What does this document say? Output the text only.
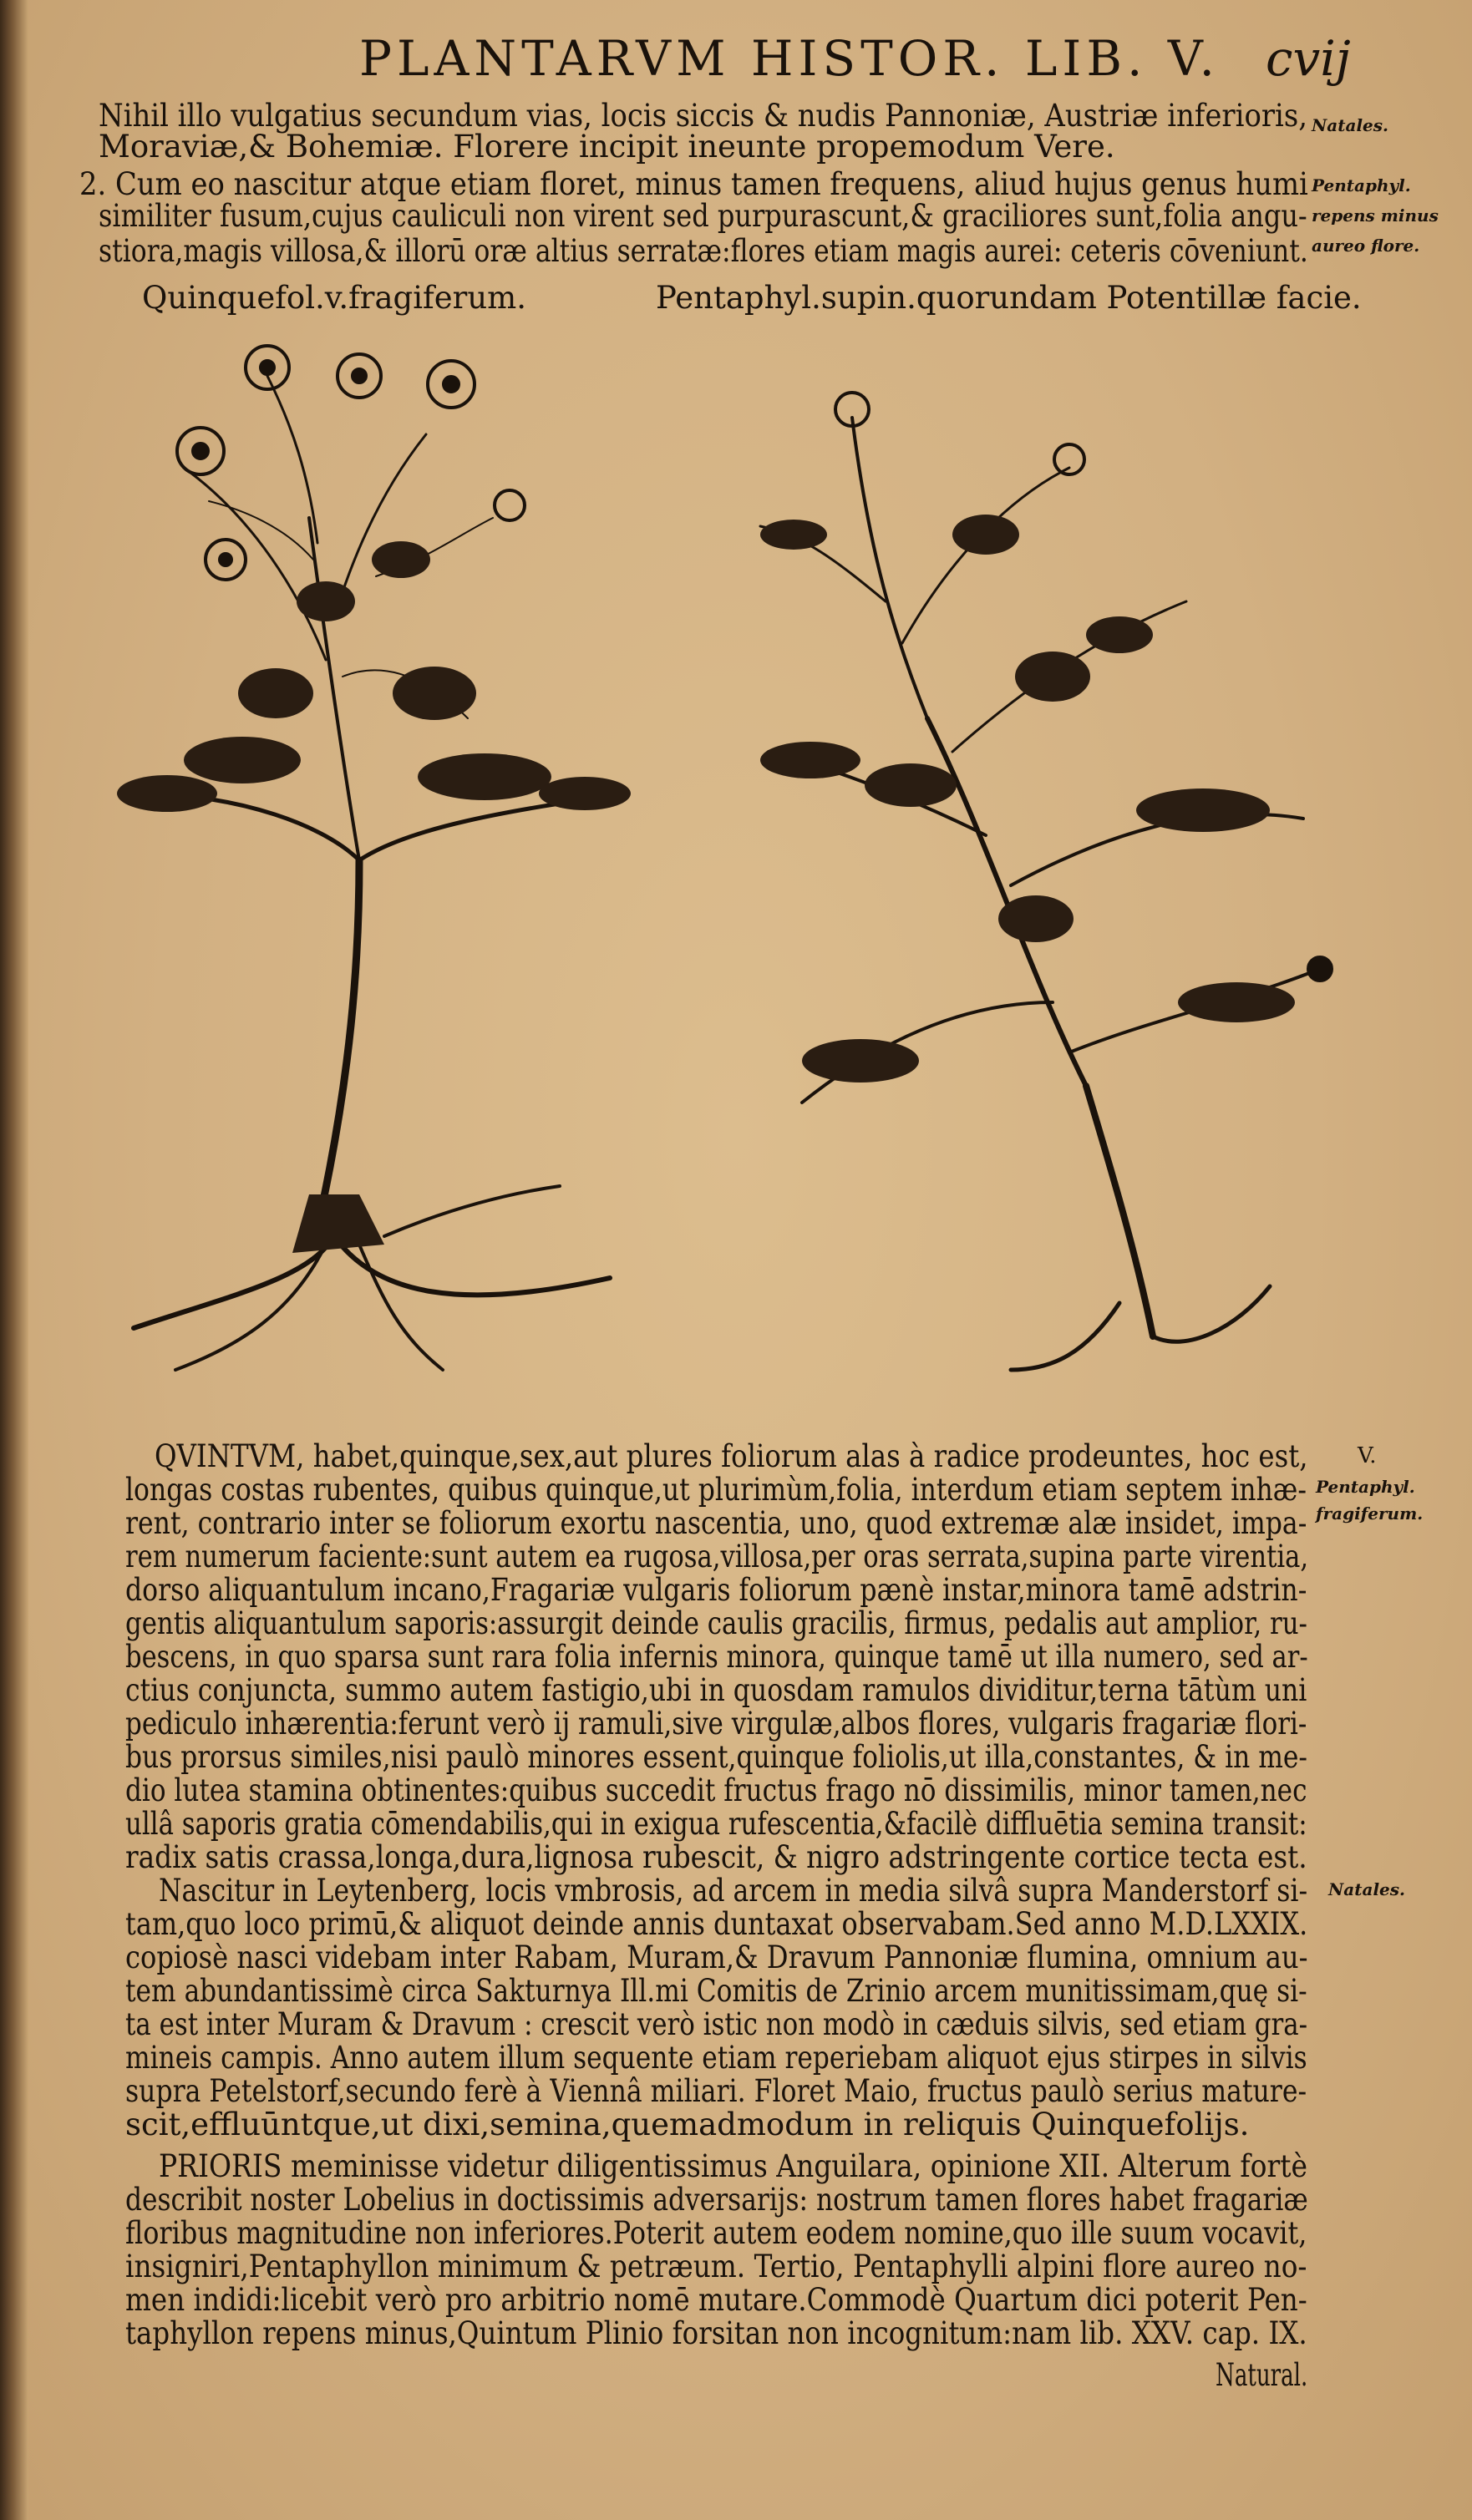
PLANTARVM HISTOR. LIB. V. cvij
Nihil illo vulgatius secundum vias, locis siccis & nudis Pannoniæ, Austriæ inferioris,
Moraviæ,& Bohemiæ. Florere incipit ineunte propemodum Vere.
2. Cum eo nascitur atque etiam floret, minus tamen frequens, aliud hujus genus humi
similiter fusum,cujus cauliculi non virent sed purpurascunt,& graciliores sunt,folia angu-
stiora,magis villosa,& illorū oræ altius serratæ:flores etiam magis aurei: ceteris cōveniunt.
Natales.
Pentaphyl.
repens minus
aureo flore.
Quinquefol.v.fragiferum.	Pentaphyl.supin.quorundam Potentillæ facie.
QVINTVM, habet,quinque,sex,aut plures foliorum alas à radice prodeuntes, hoc est,
longas costas rubentes, quibus quinque,ut plurimùm,folia, interdum etiam septem inhæ-
rent, contrario inter se foliorum exortu nascentia, uno, quod extremæ alæ insidet, impa-
rem numerum faciente:sunt autem ea rugosa,villosa,per oras serrata,supina parte virentia,
dorso aliquantulum incano,Fragariæ vulgaris foliorum pænè instar,minora tamē adstrin-
gentis aliquantulum saporis:assurgit deinde caulis gracilis, firmus, pedalis aut amplior, ru-
bescens, in quo sparsa sunt rara folia infernis minora, quinque tamē ut illa numero, sed ar-
ctius conjuncta, summo autem fastigio,ubi in quosdam ramulos dividitur,terna tātùm uni
pediculo inhærentia:ferunt verò ij ramuli,sive virgulæ,albos flores, vulgaris fragariæ flori-
bus prorsus similes,nisi paulò minores essent,quinque foliolis,ut illa,constantes, & in me-
dio lutea stamina obtinentes:quibus succedit fructus frago nō dissimilis, minor tamen,nec
ullâ saporis gratia cōmendabilis,qui in exigua rufescentia,&facilè diffluētia semina transit:
radix satis crassa,longa,dura,lignosa rubescit, & nigro adstringente cortice tecta est.
Nascitur in Leytenberg, locis vmbrosis, ad arcem in media silvâ supra Manderstorf si-
tam,quo loco primū,& aliquot deinde annis duntaxat observabam.Sed anno M.D.LXXIX.
copiosè nasci videbam inter Rabam, Muram,& Dravum Pannoniæ flumina, omnium au-
tem abundantissimè circa Sakturnya Ill.mi Comitis de Zrinio arcem munitissimam,quę si-
ta est inter Muram & Dravum : crescit verò istic non modò in cæduis silvis, sed etiam gra-
mineis campis. Anno autem illum sequente etiam reperiebam aliquot ejus stirpes in silvis
supra Petelstorf,secundo ferè à Viennâ miliari. Floret Maio, fructus paulò serius mature-
scit,effluūntque,ut dixi,semina,quemadmodum in reliquis Quinquefolijs.
PRIORIS meminisse videtur diligentissimus Anguilara, opinione XII. Alterum fortè
describit noster Lobelius in doctissimis adversarijs: nostrum tamen flores habet fragariæ
floribus magnitudine non inferiores.Poterit autem eodem nomine,quo ille suum vocavit,
insigniri,Pentaphyllon minimum & petræum. Tertio, Pentaphylli alpini flore aureo no-
men indidi:licebit verò pro arbitrio nomē mutare.Commodè Quartum dici poterit Pen-
taphyllon repens minus,Quintum Plinio forsitan non incognitum:nam lib. XXV. cap. IX.
V.
Pentaphyl.
fragiferum.
Natales.
Natural.
